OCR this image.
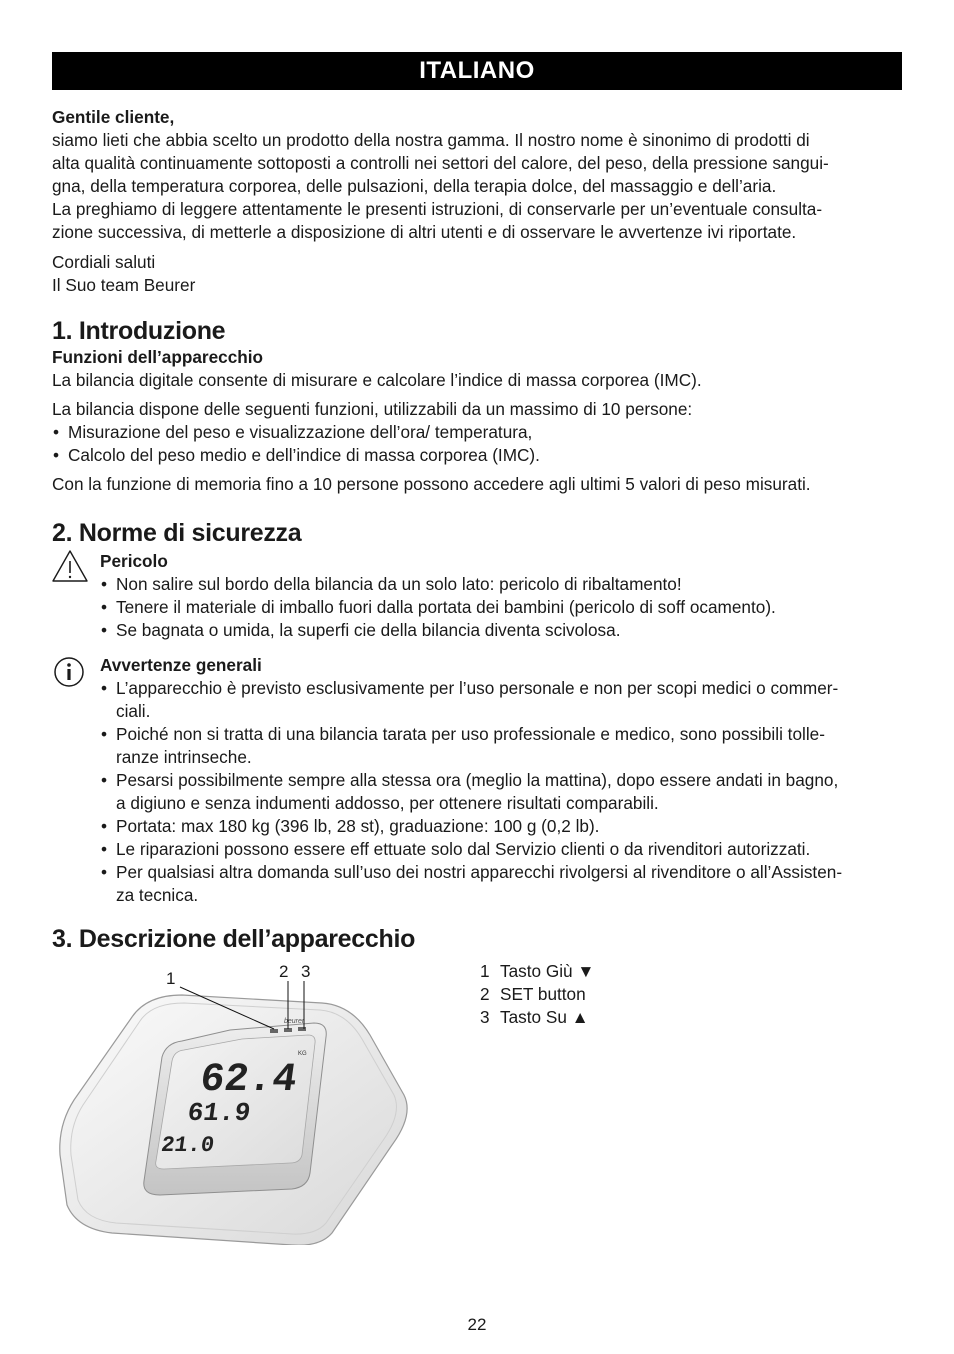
ITALIANO

Gentile cliente,

siamo lieti che abbia scelto un prodotto della nostra gamma. Il nostro nome è sinonimo di prodotti di
alta qualità continuamente sottoposti a controlli nei settori del calore, del peso, della pressione sangui-
gna, della temperatura corporea, delle pulsazioni, della terapia dolce, del massaggio e dell’aria.
La preghiamo di leggere attentamente le presenti istruzioni, di conservarle per un’eventuale consulta-
zione successiva, di metterle a disposizione di altri utenti e di osservare le avvertenze ivi riportate.

Cordiali saluti

Il Suo team Beurer

1. Introduzione

Funzioni dell’apparecchio

La bilancia digitale consente di misurare e calcolare l’indice di massa corporea (IMC).

La bilancia dispone delle seguenti funzioni, utilizzabili da un massimo di 10 persone:

• Misurazione del peso e visualizzazione dell’ora/ temperatura,
• Calcolo del peso medio e dell’indice di massa corporea (IMC).

Con la funzione di memoria fino a 10 persone possono accedere agli ultimi 5 valori di peso misurati.

2. Norme di sicurezza

Pericolo

• Non salire sul bordo della bilancia da un solo lato: pericolo di ribaltamento!
• Tenere il materiale di imballo fuori dalla portata dei bambini (pericolo di soff ocamento).
• Se bagnata o umida, la superfi cie della bilancia diventa scivolosa.

Avvertenze generali

• L’apparecchio è previsto esclusivamente per l’uso personale e non per scopi medici o commer-
ciali.
• Poiché non si tratta di una bilancia tarata per uso professionale e medico, sono possibili tolle-
ranze intrinseche.
• Pesarsi possibilmente sempre alla stessa ora (meglio la mattina), dopo essere andati in bagno,
a digiuno e senza indumenti addosso, per ottenere risultati comparabili.
• Portata: max 180 kg (396 lb, 28 st), graduazione: 100 g (0,2 lb).
• Le riparazioni possono essere eff ettuate solo dal Servizio clienti o da rivenditori autorizzati.
• Per qualsiasi altra domanda sull’uso dei nostri apparecchi rivolgersi al rivenditore o all’Assisten-
za tecnica.

3. Descrizione dell’apparecchio

beurer
62.4
KG
61.9
21.0
1	2 3	1 Tasto Giù ▼
2 SET button
3 Tasto Su ▲
22
